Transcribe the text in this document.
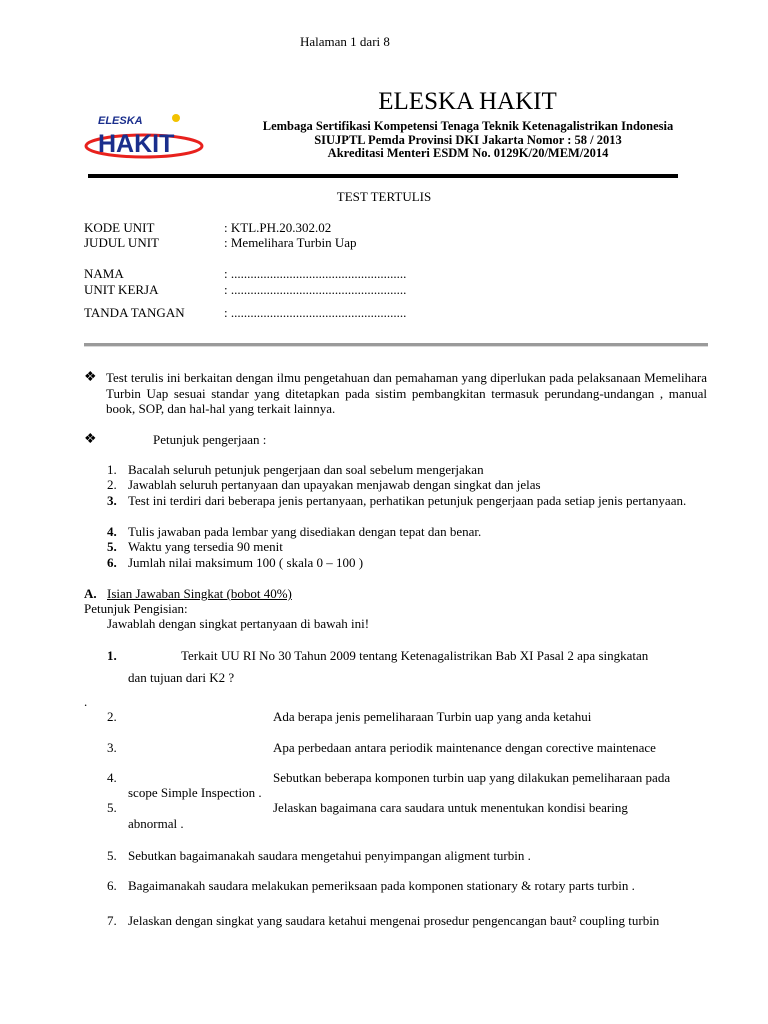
Halaman 1 dari 8
ELESKA
HAKIT
ELESKA HAKIT
Lembaga Sertifikasi Kompetensi Tenaga Teknik Ketenagalistrikan Indonesia
SIUJPTL Pemda Provinsi DKI Jakarta Nomor : 58 / 2013
Akreditasi Menteri ESDM No. 0129K/20/MEM/2014
TEST TERTULIS
KODE UNIT	: KTL.PH.20.302.02
JUDUL UNIT	: Memelihara Turbin Uap
NAMA	: ......................................................
UNIT KERJA	: ......................................................
TANDA TANGAN	: ......................................................
❖ Test terulis ini berkaitan dengan ilmu pengetahuan dan pemahaman yang diperlukan pada pelaksanaan Memelihara Turbin Uap sesuai standar yang ditetapkan pada sistim pembangkitan termasuk perundang-undangan , manual book, SOP, dan hal-hal yang terkait lainnya.
❖	Petunjuk pengerjaan :
1. Bacalah seluruh petunjuk pengerjaan dan soal sebelum mengerjakan
2. Jawablah seluruh pertanyaan dan upayakan menjawab dengan singkat dan jelas
3. Test ini terdiri dari beberapa jenis pertanyaan, perhatikan petunjuk pengerjaan pada setiap jenis pertanyaan.
4. Tulis jawaban pada lembar yang disediakan dengan tepat dan benar.
5. Waktu yang tersedia 90 menit
6. Jumlah nilai maksimum 100 ( skala 0 – 100 )
A. Isian Jawaban Singkat (bobot 40%)
Petunjuk Pengisian:
Jawablah dengan singkat pertanyaan di bawah ini!
1.	Terkait UU RI No 30 Tahun 2009 tentang Ketenagalistrikan Bab XI Pasal 2 apa singkatan
dan tujuan dari K2 ?
.
2.	Ada berapa jenis pemeliharaan Turbin uap yang anda ketahui
3.	Apa perbedaan antara periodik maintenance dengan corective maintenace
4.	Sebutkan beberapa komponen turbin uap yang dilakukan pemeliharaan pada
scope Simple Inspection .
5.	Jelaskan bagaimana cara saudara untuk menentukan kondisi bearing
abnormal .
5. Sebutkan bagaimanakah saudara mengetahui penyimpangan aligment turbin .
6. Bagaimanakah saudara melakukan pemeriksaan pada komponen stationary & rotary parts turbin .
7. Jelaskan dengan singkat yang saudara ketahui mengenai prosedur pengencangan baut² coupling turbin
